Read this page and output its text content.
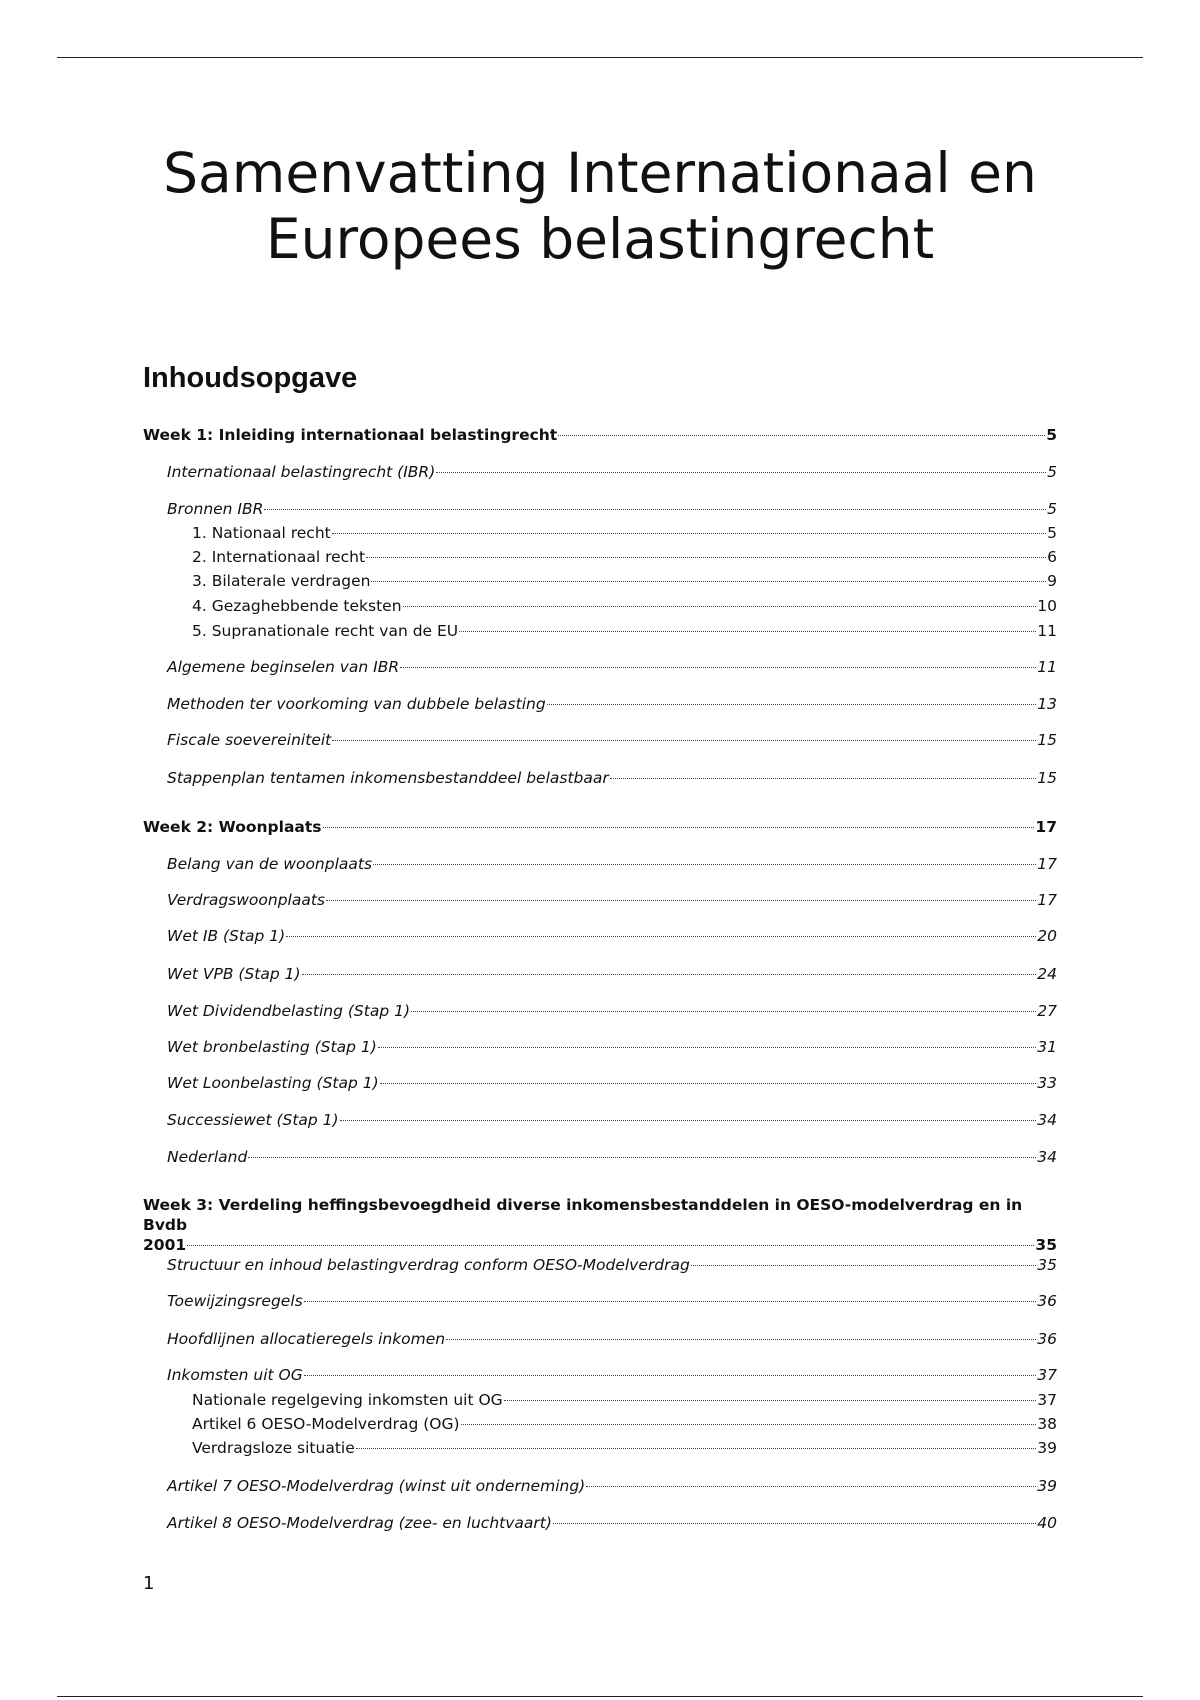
Samenvatting Internationaal en
Europees belastingrecht
Inhoudsopgave
Week 1: Inleiding internationaal belastingrecht	5
Internationaal belastingrecht (IBR)	5
Bronnen IBR	5
1. Nationaal recht	5
2. Internationaal recht	6
3. Bilaterale verdragen	9
4. Gezaghebbende teksten	10
5. Supranationale recht van de EU	11
Algemene beginselen van IBR	11
Methoden ter voorkoming van dubbele belasting	13
Fiscale soevereiniteit	15
Stappenplan tentamen inkomensbestanddeel belastbaar	15
Week 2: Woonplaats	17
Belang van de woonplaats	17
Verdragswoonplaats	17
Wet IB (Stap 1)	20
Wet VPB (Stap 1)	24
Wet Dividendbelasting (Stap 1)	27
Wet bronbelasting (Stap 1)	31
Wet Loonbelasting (Stap 1)	33
Successiewet (Stap 1)	34
Nederland	34
Week 3: Verdeling heffingsbevoegdheid diverse inkomensbestanddelen in OESO-modelverdrag en in Bvdb
2001	35
Structuur en inhoud belastingverdrag conform OESO-Modelverdrag	35
Toewijzingsregels	36
Hoofdlijnen allocatieregels inkomen	36
Inkomsten uit OG	37
Nationale regelgeving inkomsten uit OG	37
Artikel 6 OESO-Modelverdrag (OG)	38
Verdragsloze situatie	39
Artikel 7 OESO-Modelverdrag (winst uit onderneming)	39
Artikel 8 OESO-Modelverdrag (zee- en luchtvaart)	40

1
